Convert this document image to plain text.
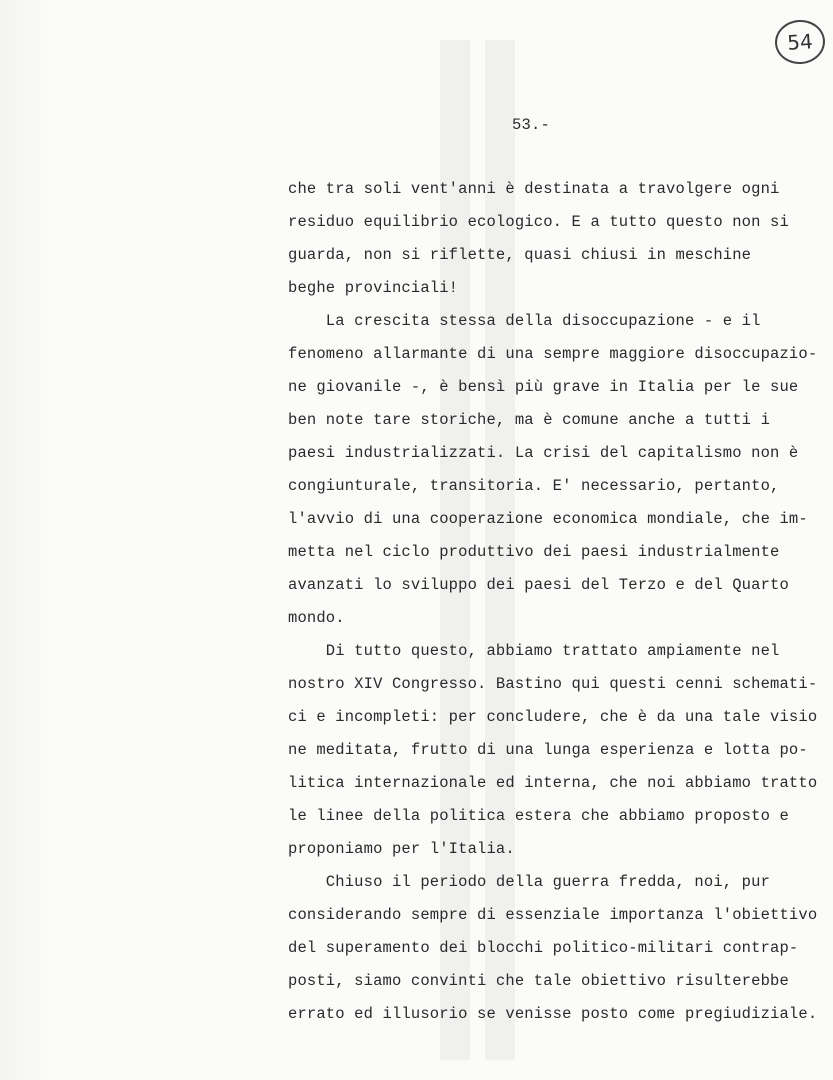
54
53.-
che tra soli vent'anni è destinata a travolgere ogni
residuo equilibrio ecologico. E a tutto questo non si
guarda, non si riflette, quasi chiusi in meschine
beghe provinciali!
La crescita stessa della disoccupazione - e il
fenomeno allarmante di una sempre maggiore disoccupazio-
ne giovanile -, è bensì più grave in Italia per le sue
ben note tare storiche, ma è comune anche a tutti i
paesi industrializzati. La crisi del capitalismo non è
congiunturale, transitoria. E' necessario, pertanto,
l'avvio di una cooperazione economica mondiale, che im-
metta nel ciclo produttivo dei paesi industrialmente
avanzati lo sviluppo dei paesi del Terzo e del Quarto
mondo.
Di tutto questo, abbiamo trattato ampiamente nel
nostro XIV Congresso. Bastino qui questi cenni schemati-
ci e incompleti: per concludere, che è da una tale visio
ne meditata, frutto di una lunga esperienza e lotta po-
litica internazionale ed interna, che noi abbiamo tratto
le linee della politica estera che abbiamo proposto e
proponiamo per l'Italia.
Chiuso il periodo della guerra fredda, noi, pur
considerando sempre di essenziale importanza l'obiettivo
del superamento dei blocchi politico-militari contrap-
posti, siamo convinti che tale obiettivo risulterebbe
errato ed illusorio se venisse posto come pregiudiziale.
